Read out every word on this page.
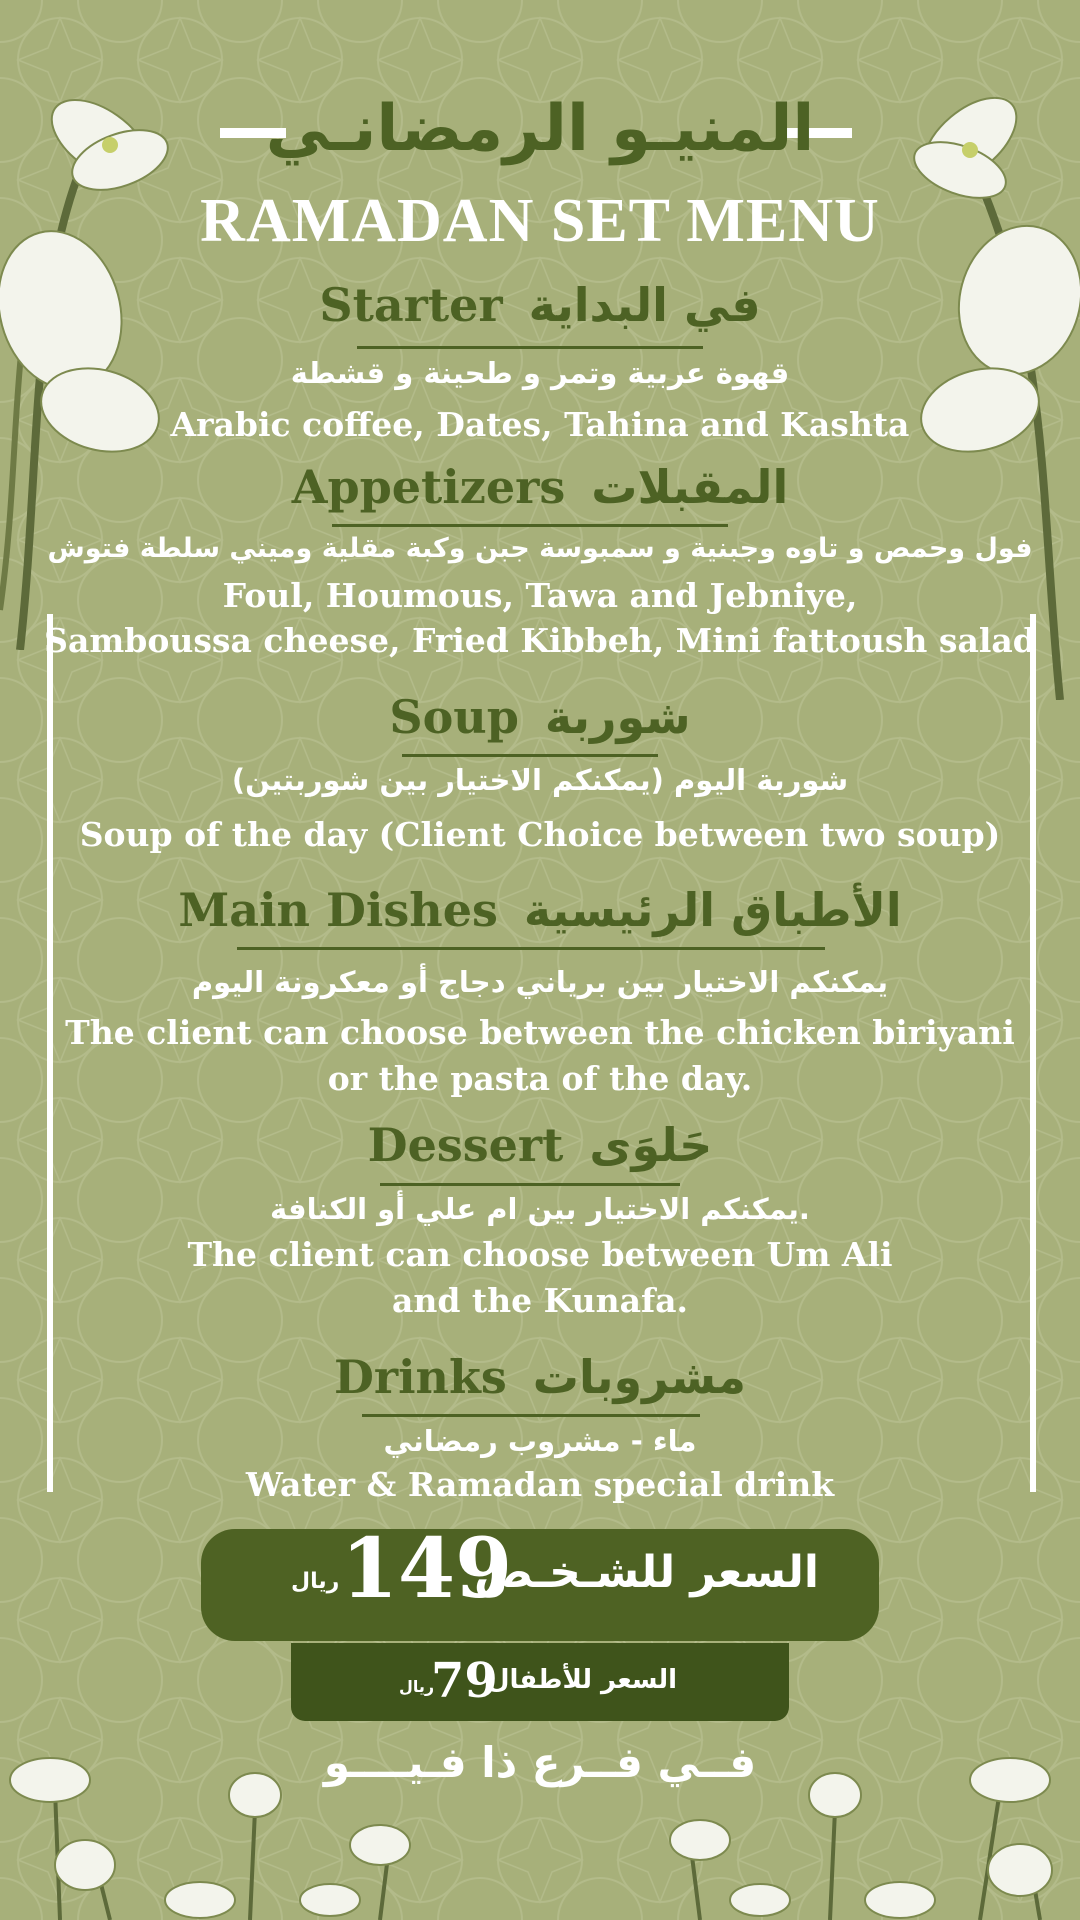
المنيـو الرمضانـي
RAMADAN SET MENU
Starter في البداية
قهوة عربية وتمر و طحينة و قشطة
Arabic coffee, Dates, Tahina and Kashta
Appetizers المقبلات
فول وحمص و تاوه وجبنية و سمبوسة جبن وكبة مقلية وميني سلطة فتوش
Foul, Houmous, Tawa and Jebniye,
Samboussa cheese, Fried Kibbeh, Mini fattoush salad
Soup شوربة
شوربة اليوم (يمكنكم الاختيار بين شوربتين)
Soup of the day (Client Choice between two soup)
Main Dishes الأطباق الرئيسية
يمكنكم الاختيار بين برياني دجاج أو معكرونة اليوم
The client can choose between the chicken biriyani
or the pasta of the day.
Dessert حَلوَى
يمكنكم الاختيار بين ام علي أو الكنافة.
The client can choose between Um Ali
and the Kunafa.
Drinks مشروبات
ماء - مشروب رمضاني
Water & Ramadan special drink
ريال 149
السعر للشـخـص
ريال
79
السعر للأطفال
فــي فــرع ذا فـيــــو
